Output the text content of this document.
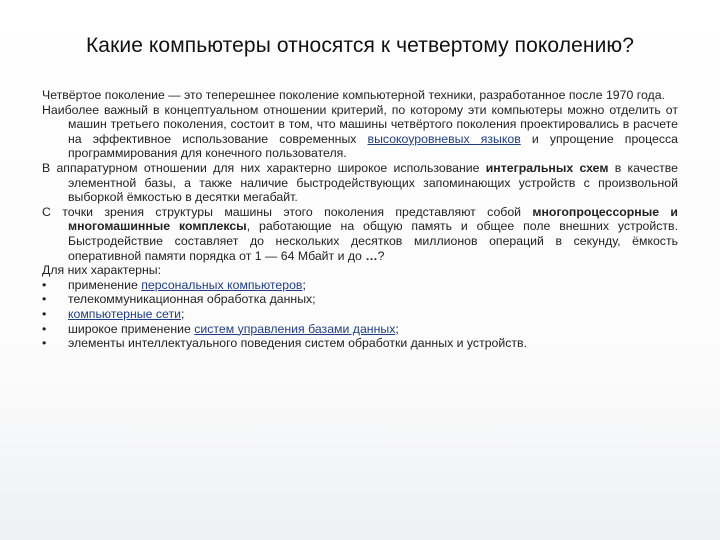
Какие компьютеры относятся к четвертому поколению?

Четвёртое поколение — это теперешнее поколение компьютерной техники, разработанное после 1970 года.

Наиболее важный в концептуальном отношении критерий, по которому эти компьютеры можно отделить от машин третьего поколения, состоит в том, что машины четвёртого поколения проектировались в расчете на эффективное использование современных высокоуровневых языков и упрощение процесса программирования для конечного пользователя.

В аппаратурном отношении для них характерно широкое использование интегральных схем в качестве элементной базы, а также наличие быстродействующих запоминающих устройств с произвольной выборкой ёмкостью в десятки мегабайт.

С точки зрения структуры машины этого поколения представляют собой многопроцессорные и многомашинные комплексы, работающие на общую память и общее поле внешних устройств. Быстродействие составляет до нескольких десятков миллионов операций в секунду, ёмкость оперативной памяти порядка от 1 — 64 Мбайт и до …?

Для них характерны:

•	применение персональных компьютеров;
•	телекоммуникационная обработка данных;
•	компьютерные сети;
•	широкое применение систем управления базами данных;
•	элементы интеллектуального поведения систем обработки данных и устройств.
